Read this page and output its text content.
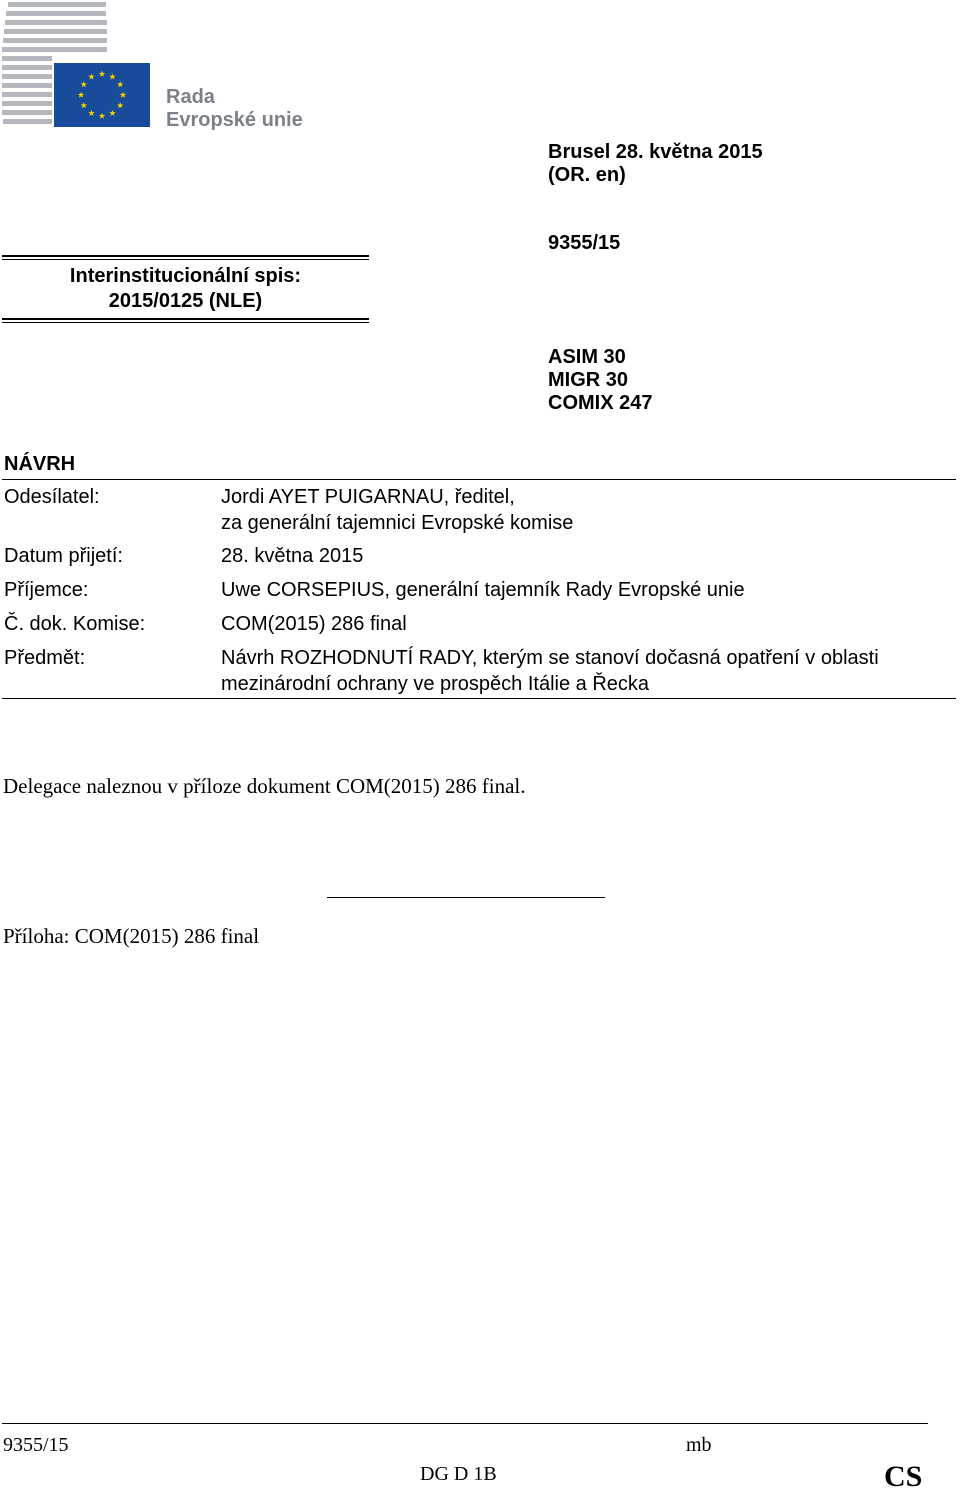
Rada
Evropské unie
Brusel 28. května 2015
(OR. en)
9355/15
Interinstitucionální spis:
2015/0125 (NLE)
ASIM 30
MIGR 30
COMIX 247
NÁVRH
Odesílatel:	Jordi AYET PUIGARNAU, ředitel,
za generální tajemnici Evropské komise
Datum přijetí:	28. května 2015
Příjemce:	Uwe CORSEPIUS, generální tajemník Rady Evropské unie
Č. dok. Komise:	COM(2015) 286 final
Předmět:	Návrh ROZHODNUTÍ RADY, kterým se stanoví dočasná opatření v oblasti
mezinárodní ochrany ve prospěch Itálie a Řecka
Delegace naleznou v příloze dokument COM(2015) 286 final.
Příloha: COM(2015) 286 final
9355/15	mb
DG D 1B	CS
